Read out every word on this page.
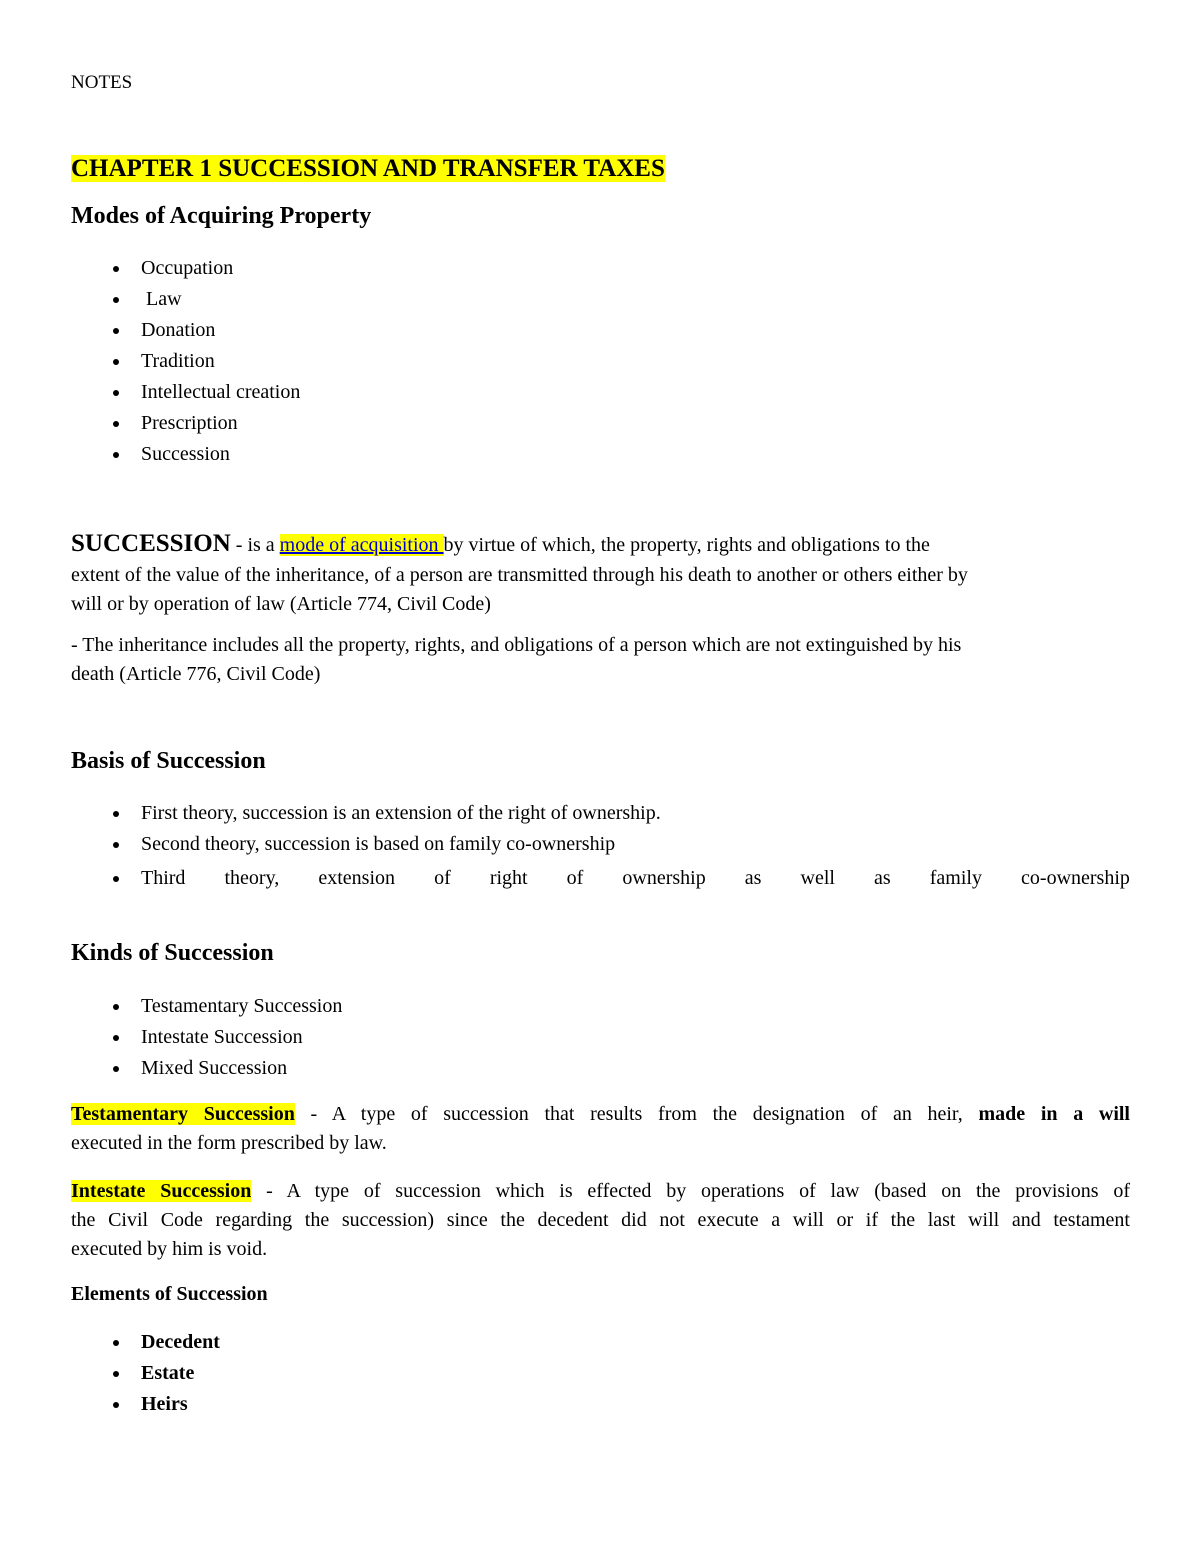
NOTES

CHAPTER 1 SUCCESSION AND TRANSFER TAXES

Modes of Acquiring Property

Occupation
Law
Donation
Tradition
Intellectual creation
Prescription
Succession
SUCCESSION - is a mode of acquisition by virtue of which, the property, rights and obligations to the
extent of the value of the inheritance, of a person are transmitted through his death to another or others either by
will or by operation of law (Article 774, Civil Code)
- The inheritance includes all the property, rights, and obligations of a person which are not extinguished by his
death (Article 776, Civil Code)

Basis of Succession

First theory, succession is an extension of the right of ownership.
Second theory, succession is based on family co-ownership
Third theory, extension of right of ownership as well as family co-ownership

Kinds of Succession

Testamentary Succession
Intestate Succession
Mixed Succession
Testamentary Succession - A type of succession that results from the designation of an heir, made in a will
executed in the form prescribed by law.
Intestate Succession - A type of succession which is effected by operations of law (based on the provisions of
the Civil Code regarding the succession) since the decedent did not execute a will or if the last will and testament
executed by him is void.

Elements of Succession

Decedent
Estate
Heirs
